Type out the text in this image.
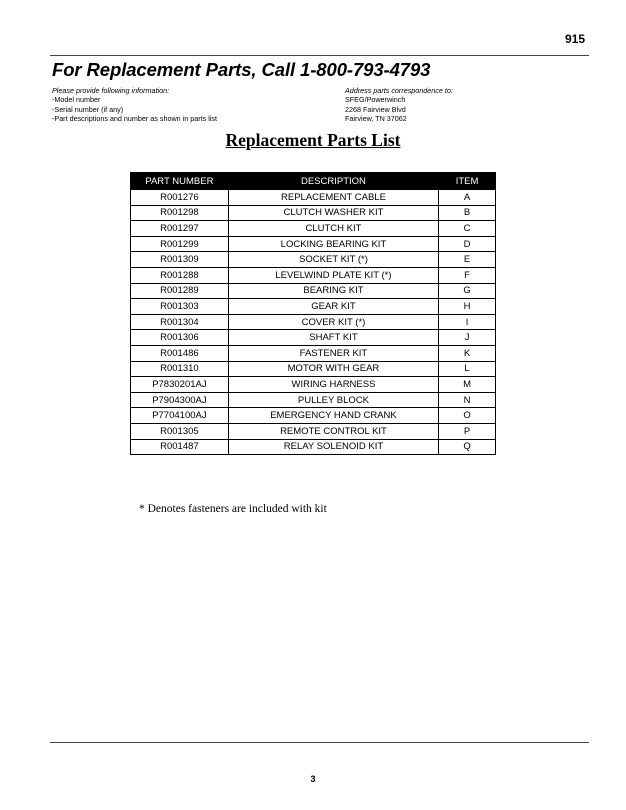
915
For Replacement Parts, Call 1-800-793-4793
Please provide following information:
-Model number
-Serial number (if any)
-Part descriptions and number as shown in parts list
Address parts correspondence to:
SFEG/Powerwinch
2268 Fairview Blvd
Fairview, TN 37062
Replacement Parts List
PART NUMBER	DESCRIPTION	ITEM
R001276	REPLACEMENT CABLE	A
R001298	CLUTCH WASHER KIT	B
R001297	CLUTCH KIT	C
R001299	LOCKING BEARING KIT	D
R001309	SOCKET KIT (*)	E
R001288	LEVELWIND PLATE KIT (*)	F
R001289	BEARING KIT	G
R001303	GEAR KIT	H
R001304	COVER KIT (*)	I
R001306	SHAFT KIT	J
R001486	FASTENER KIT	K
R001310	MOTOR WITH GEAR	L
P7830201AJ	WIRING HARNESS	M
P7904300AJ	PULLEY BLOCK	N
P7704100AJ	EMERGENCY HAND CRANK	O
R001305	REMOTE CONTROL KIT	P
R001487	RELAY SOLENOID KIT	Q
* Denotes fasteners are included with kit
3
